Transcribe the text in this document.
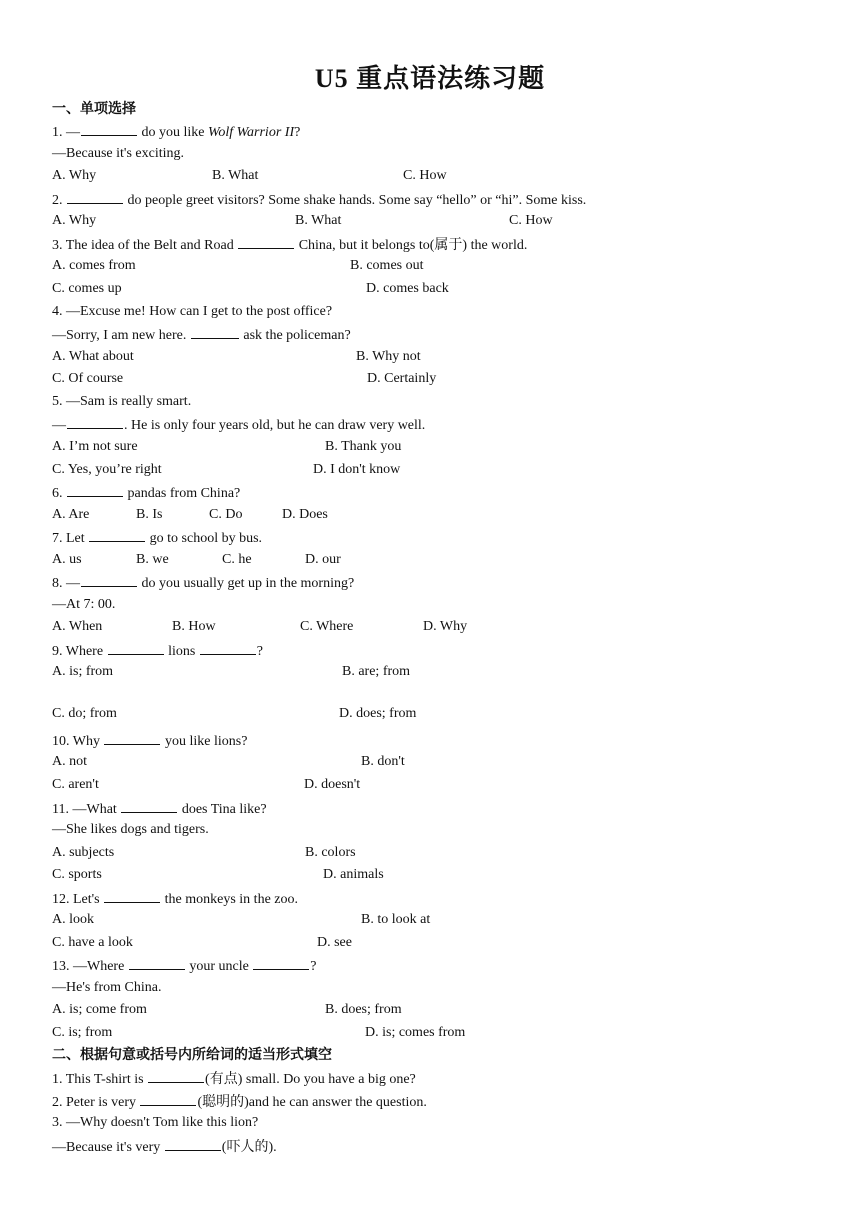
U5 重点语法练习题
一、单项选择
1. —	do you like Wolf Warrior II?
—Because it's exciting.
A. Why	B. What	C. How
2.	do people greet visitors? Some shake hands. Some say “hello” or “hi”. Some kiss.
A. Why	B. What	C. How
3. The idea of the Belt and Road	China, but it belongs to(属于) the world.
A. comes from	B. comes out
C. comes up	D. comes back
4. —Excuse me! How can I get to the post office?
—Sorry, I am new here.	ask the policeman?
A. What about	B. Why not
C. Of course	D. Certainly
5. —Sam is really smart.
—	. He is only four years old, but he can draw very well.
A. I’m not sure	B. Thank you
C. Yes, you’re right	D. I don't know
6.	pandas from China?
A. Are	B. Is	C. Do	D. Does
7. Let	go to school by bus.
A. us	B. we	C. he	D. our
8. —	do you usually get up in the morning?
—At 7: 00.
A. When	B. How	C. Where	D. Why
9. Where	lions	?
A. is; from	B. are; from
C. do; from	D. does; from
10. Why	you like lions?
A. not	B. don't
C. aren't	D. doesn't
11. —What	does Tina like?
—She likes dogs and tigers.
A. subjects	B. colors
C. sports	D. animals
12. Let's	the monkeys in the zoo.
A. look	B. to look at
C. have a look	D. see
13. —Where	your uncle	?
—He's from China.
A. is; come from	B. does; from
C. is; from	D. is; comes from
二、根据句意或括号内所给词的适当形式填空
1. This T-shirt is	(有点) small. Do you have a big one?
2. Peter is very	(聪明的)and he can answer the question.
3. —Why doesn't Tom like this lion?
—Because it's very	(吓人的).
